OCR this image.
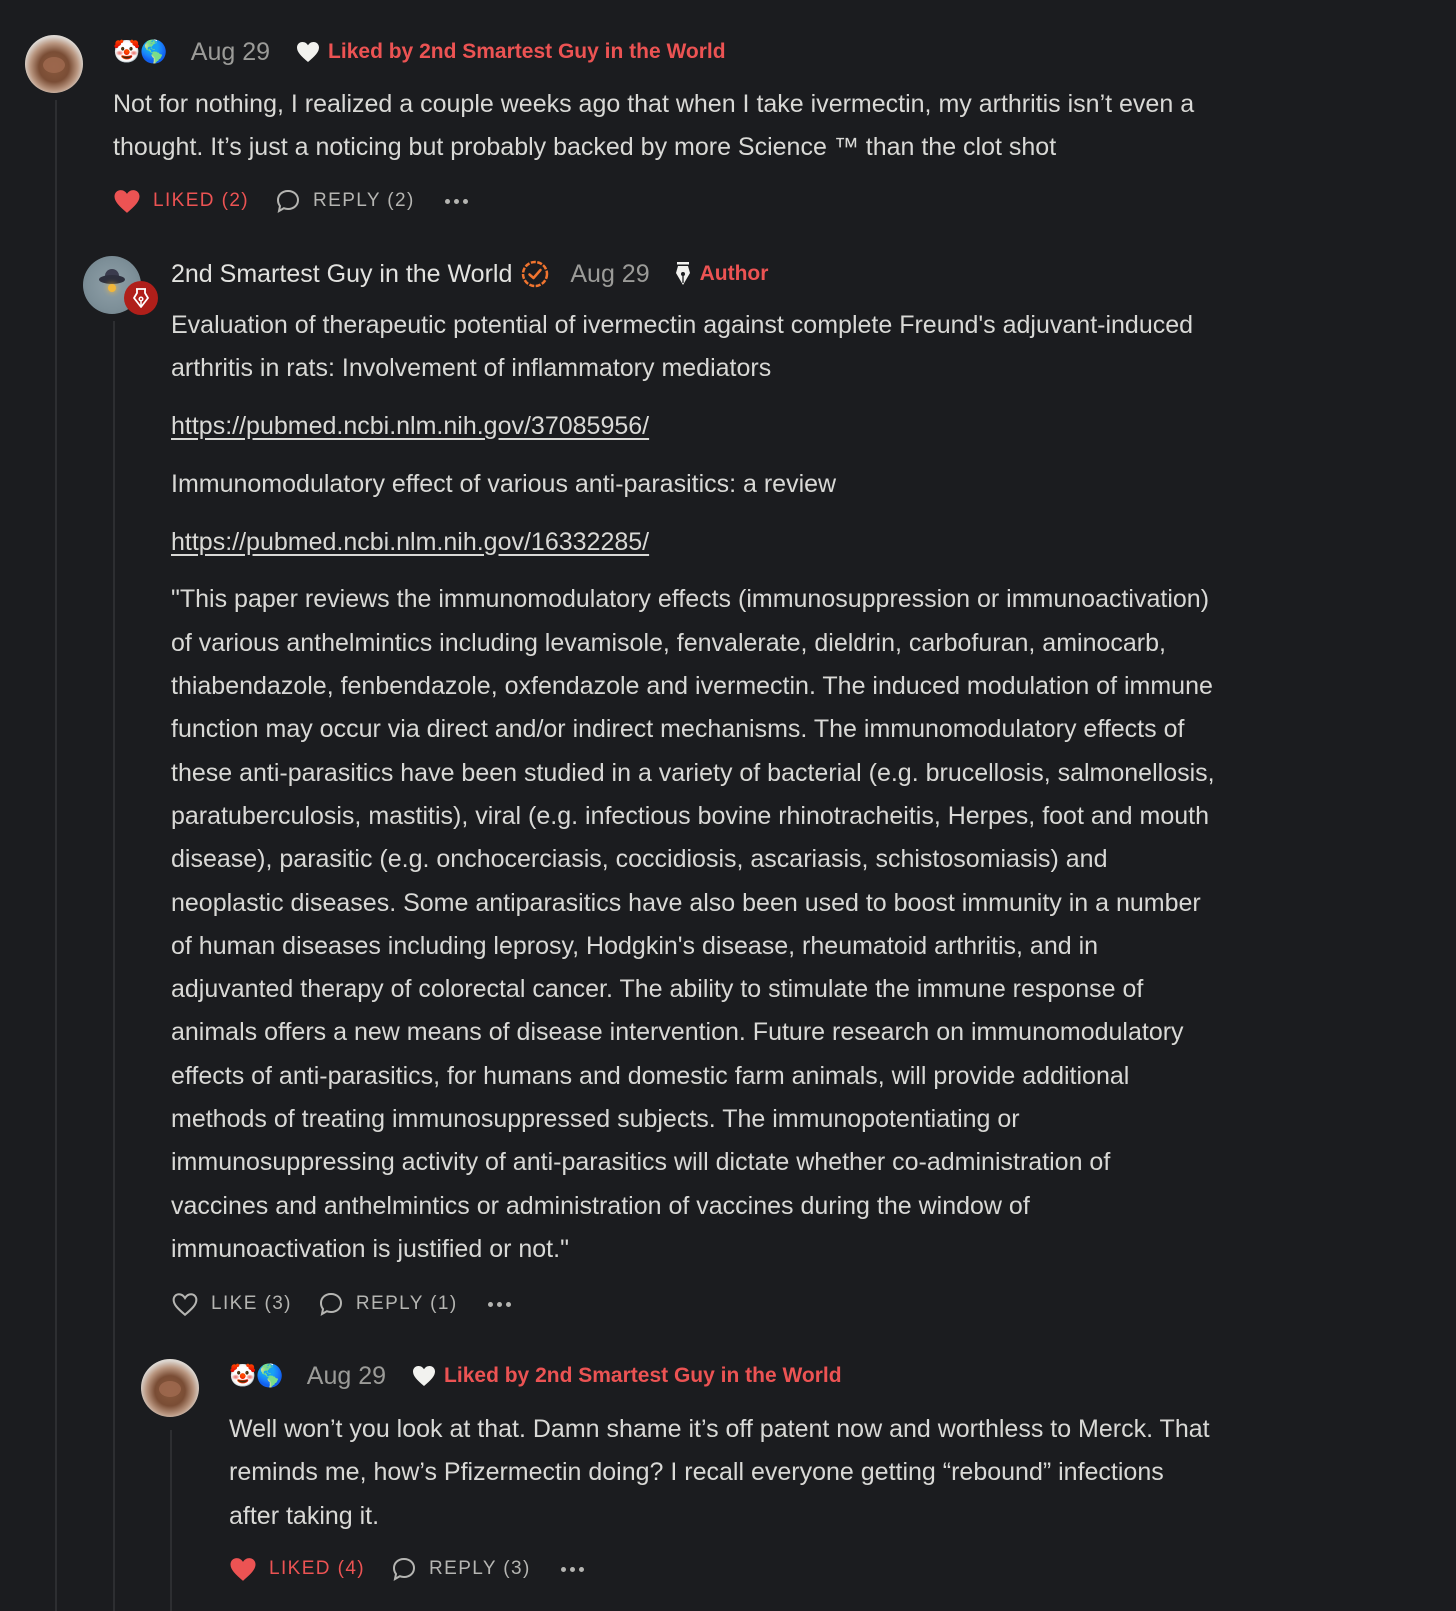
🤡🌎 Aug 29	Liked by 2nd Smartest Guy in the World

Not for nothing, I realized a couple weeks ago that when I take ivermectin, my arthritis isn’t even a

thought. It’s just a noticing but probably backed by more Science ™ than the clot shot

LIKED (2)	REPLY (2)
2nd Smartest Guy in the World Aug 29 Author

Evaluation of therapeutic potential of ivermectin against complete Freund's adjuvant-induced

arthritis in rats: Involvement of inflammatory mediators

https://pubmed.ncbi.nlm.nih.gov/37085956/

Immunomodulatory effect of various anti-parasitics: a review

https://pubmed.ncbi.nlm.nih.gov/16332285/

"This paper reviews the immunomodulatory effects (immunosuppression or immunoactivation)

of various anthelmintics including levamisole, fenvalerate, dieldrin, carbofuran, aminocarb,

thiabendazole, fenbendazole, oxfendazole and ivermectin. The induced modulation of immune

function may occur via direct and/or indirect mechanisms. The immunomodulatory effects of

these anti-parasitics have been studied in a variety of bacterial (e.g. brucellosis, salmonellosis,

paratuberculosis, mastitis), viral (e.g. infectious bovine rhinotracheitis, Herpes, foot and mouth

disease), parasitic (e.g. onchocerciasis, coccidiosis, ascariasis, schistosomiasis) and

neoplastic diseases. Some antiparasitics have also been used to boost immunity in a number

of human diseases including leprosy, Hodgkin's disease, rheumatoid arthritis, and in

adjuvanted therapy of colorectal cancer. The ability to stimulate the immune response of

animals offers a new means of disease intervention. Future research on immunomodulatory

effects of anti-parasitics, for humans and domestic farm animals, will provide additional

methods of treating immunosuppressed subjects. The immunopotentiating or

immunosuppressing activity of anti-parasitics will dictate whether co-administration of

vaccines and anthelmintics or administration of vaccines during the window of

immunoactivation is justified or not."

LIKE (3)	REPLY (1)
🤡🌎 Aug 29	Liked by 2nd Smartest Guy in the World

Well won’t you look at that. Damn shame it’s off patent now and worthless to Merck. That

reminds me, how’s Pfizermectin doing? I recall everyone getting “rebound” infections

after taking it.

LIKED (4)	REPLY (3)
